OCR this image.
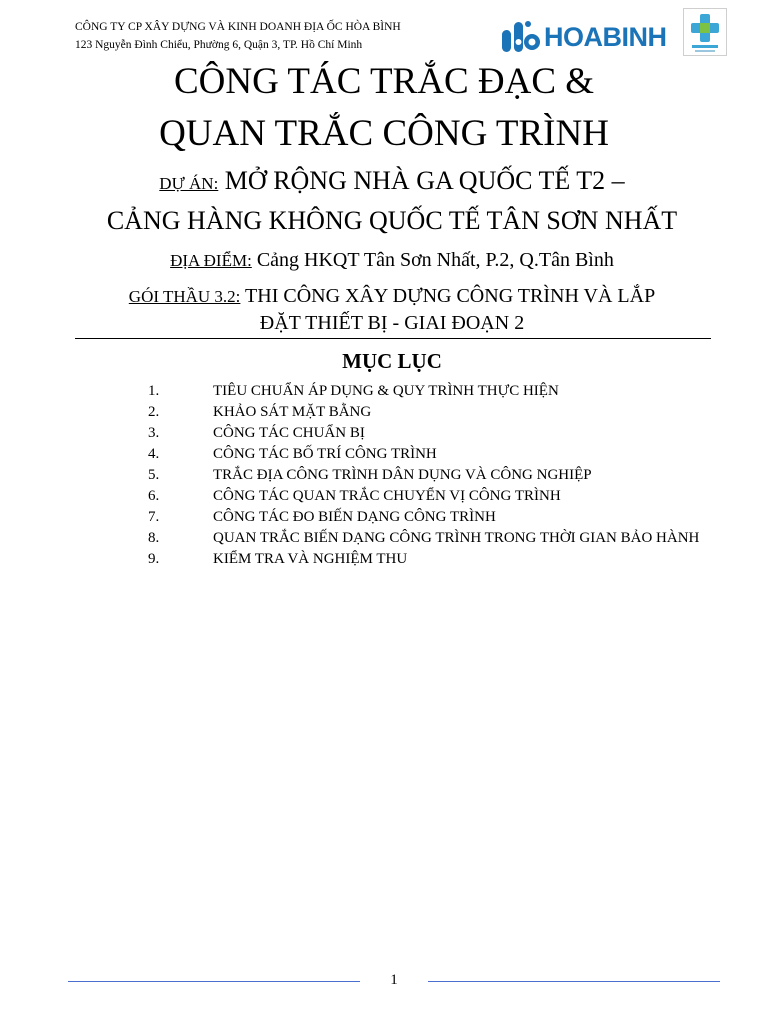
CÔNG TY CP XÂY DỰNG VÀ KINH DOANH ĐỊA ỐC HÒA BÌNH
123 Nguyễn Đình Chiểu, Phường 6, Quận 3, TP. Hồ Chí Minh	HOABINH
CÔNG TÁC TRẮC ĐẠC &
QUAN TRẮC CÔNG TRÌNH
DỰ ÁN: MỞ RỘNG NHÀ GA QUỐC TẾ T2 –
CẢNG HÀNG KHÔNG QUỐC TẾ TÂN SƠN NHẤT
ĐỊA ĐIỂM: Cảng HKQT Tân Sơn Nhất, P.2, Q.Tân Bình
GÓI THẦU 3.2: THI CÔNG XÂY DỰNG CÔNG TRÌNH VÀ LẮP
ĐẶT THIẾT BỊ - GIAI ĐOẠN 2
MỤC LỤC
1.	TIÊU CHUẨN ÁP DỤNG & QUY TRÌNH THỰC HIỆN
2.	KHẢO SÁT MẶT BẰNG
3.	CÔNG TÁC CHUẨN BỊ
4.	CÔNG TÁC BỐ TRÍ CÔNG TRÌNH
5.	TRẮC ĐỊA CÔNG TRÌNH DÂN DỤNG VÀ CÔNG NGHIỆP
6.	CÔNG TÁC QUAN TRẮC CHUYỂN VỊ CÔNG TRÌNH
7.	CÔNG TÁC ĐO BIẾN DẠNG CÔNG TRÌNH
8.	QUAN TRẮC BIẾN DẠNG CÔNG TRÌNH TRONG THỜI GIAN BẢO HÀNH
9.	KIỂM TRA VÀ NGHIỆM THU
1
